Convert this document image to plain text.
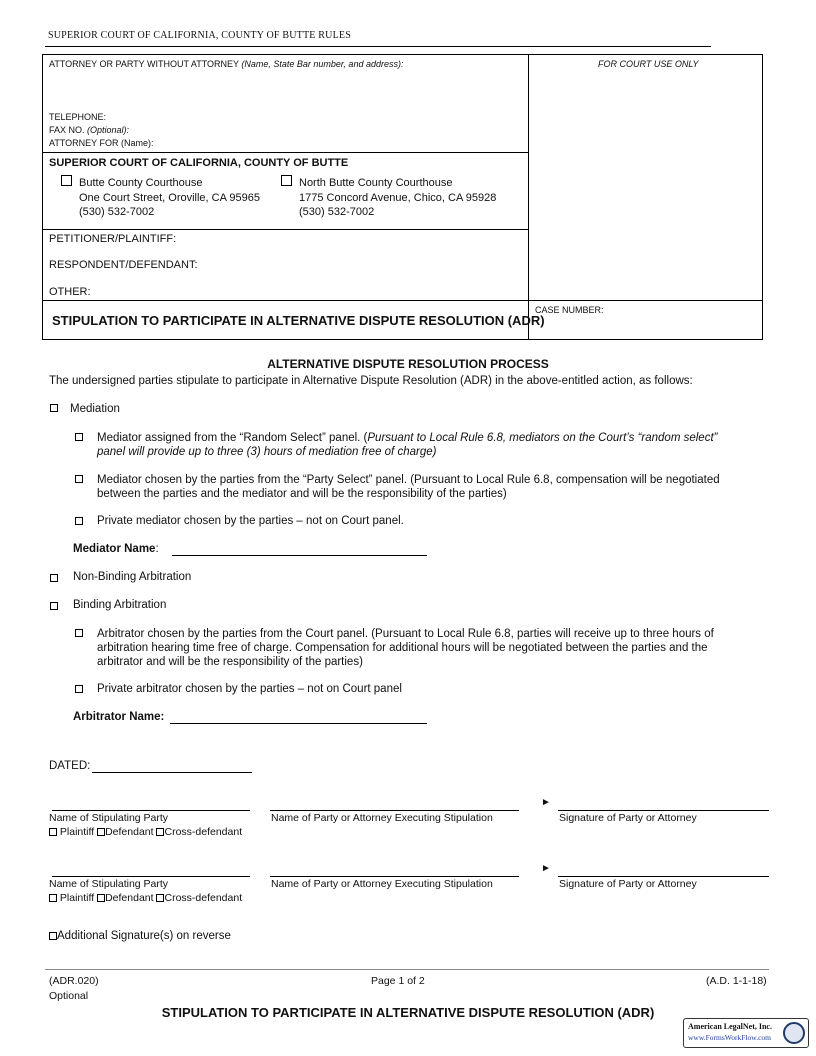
SUPERIOR COURT OF CALIFORNIA, COUNTY OF BUTTE RULES
ATTORNEY OR PARTY WITHOUT ATTORNEY (Name, State Bar number, and address):	FOR COURT USE ONLY
TELEPHONE:
FAX NO. (Optional):
ATTORNEY FOR (Name):
SUPERIOR COURT OF CALIFORNIA, COUNTY OF BUTTE
Butte County Courthouse
One Court Street, Oroville, CA 95965
(530) 532-7002
North Butte County Courthouse
1775 Concord Avenue, Chico, CA 95928
(530) 532-7002
PETITIONER/PLAINTIFF:
RESPONDENT/DEFENDANT:
OTHER:
STIPULATION TO PARTICIPATE IN ALTERNATIVE DISPUTE RESOLUTION (ADR)
CASE NUMBER:
ALTERNATIVE DISPUTE RESOLUTION PROCESS
The undersigned parties stipulate to participate in Alternative Dispute Resolution (ADR) in the above-entitled action, as follows:
Mediation
Mediator assigned from the “Random Select” panel. (Pursuant to Local Rule 6.8, mediators on the Court’s “random select”
panel will provide up to three (3) hours of mediation free of charge)
Mediator chosen by the parties from the “Party Select” panel. (Pursuant to Local Rule 6.8, compensation will be negotiated
between the parties and the mediator and will be the responsibility of the parties)
Private mediator chosen by the parties – not on Court panel.
Mediator Name:
Non-Binding Arbitration
Binding Arbitration
Arbitrator chosen by the parties from the Court panel. (Pursuant to Local Rule 6.8, parties will receive up to three hours of
arbitration hearing time free of charge. Compensation for additional hours will be negotiated between the parties and the
arbitrator and will be the responsibility of the parties)
Private arbitrator chosen by the parties – not on Court panel
Arbitrator Name:
DATED:
►
Name of Stipulating Party	Name of Party or Attorney Executing Stipulation	Signature of Party or Attorney
Plaintiff Defendant Cross-defendant
►
Name of Stipulating Party	Name of Party or Attorney Executing Stipulation	Signature of Party or Attorney
Plaintiff Defendant Cross-defendant
Additional Signature(s) on reverse
(ADR.020)
Optional
Page 1 of 2	(A.D. 1-1-18)
STIPULATION TO PARTICIPATE IN ALTERNATIVE DISPUTE RESOLUTION (ADR)
American LegalNet, Inc.
www.FormsWorkFlow.com
